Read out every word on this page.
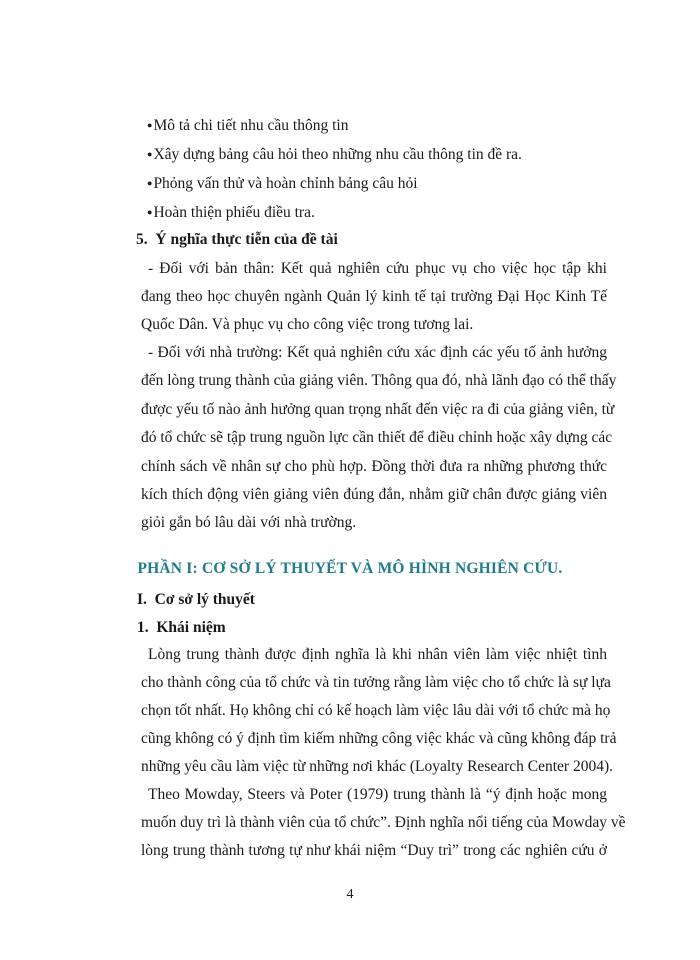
●Mô tả chi tiết nhu cầu thông tin
●Xây dựng bảng câu hỏi theo những nhu cầu thông tin đề ra.
●Phỏng vấn thử và hoàn chỉnh bảng câu hỏi
●Hoàn thiện phiếu điều tra.
5. Ý nghĩa thực tiễn của đề tài
- Đối với bản thân: Kết quả nghiên cứu phục vụ cho việc học tập khi
đang theo học chuyên ngành Quản lý kinh tế tại trường Đại Học Kinh Tế
Quốc Dân. Và phục vụ cho công việc trong tương lai.
- Đối với nhà trường: Kết quả nghiên cứu xác định các yếu tố ảnh hưởng
đến lòng trung thành của giảng viên. Thông qua đó, nhà lãnh đạo có thể thấy
được yếu tố nào ảnh hưởng quan trọng nhất đến việc ra đi của giảng viên, từ
đó tổ chức sẽ tập trung nguồn lực cần thiết để điều chỉnh hoặc xây dựng các
chính sách về nhân sự cho phù hợp. Đồng thời đưa ra những phương thức
kích thích động viên giảng viên đúng đắn, nhằm giữ chân được giảng viên
giỏi gắn bó lâu dài với nhà trường.
PHẦN I: CƠ SỞ LÝ THUYẾT VÀ MÔ HÌNH NGHIÊN CỨU.
I. Cơ sở lý thuyết
1. Khái niệm
Lòng trung thành được định nghĩa là khi nhân viên làm việc nhiệt tình
cho thành công của tổ chức và tin tưởng rằng làm việc cho tổ chức là sự lựa
chọn tốt nhất. Họ không chỉ có kế hoạch làm việc lâu dài với tổ chức mà họ
cũng không có ý định tìm kiếm những công việc khác và cũng không đáp trả
những yêu cầu làm việc từ những nơi khác (Loyalty Research Center 2004).
Theo Mowday, Steers và Poter (1979) trung thành là “ý định hoặc mong
muốn duy trì là thành viên của tổ chức”. Định nghĩa nổi tiếng của Mowday về
lòng trung thành tương tự như khái niệm “Duy trì” trong các nghiên cứu ở
4
